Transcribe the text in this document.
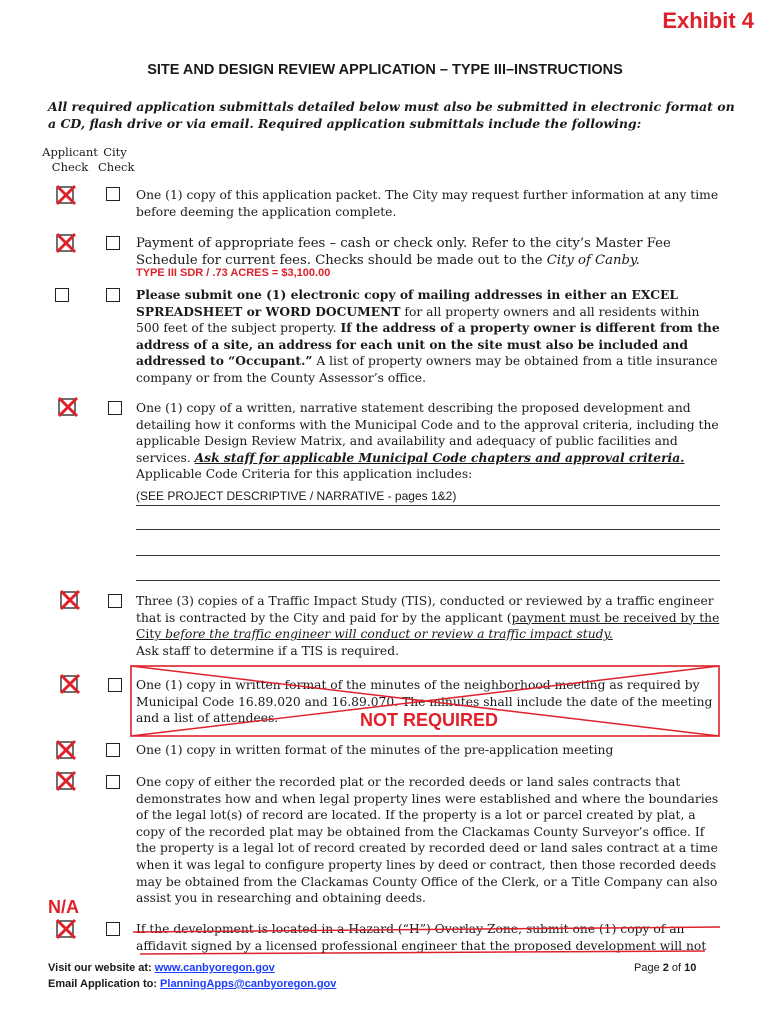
Exhibit 4
SITE AND DESIGN REVIEW APPLICATION – TYPE III–INSTRUCTIONS
All required application submittals detailed below must also be submitted in electronic format on a CD, flash drive or via email. Required application submittals include the following:
Applicant
Check
City
Check
One (1) copy of this application packet. The City may request further information at any time before deeming the application complete.
Payment of appropriate fees – cash or check only. Refer to the city’s Master Fee Schedule for current fees. Checks should be made out to the City of Canby.
TYPE III SDR / .73 ACRES = $3,100.00
Please submit one (1) electronic copy of mailing addresses in either an EXCEL SPREADSHEET or WORD DOCUMENT for all property owners and all residents within 500 feet of the subject property. If the address of a property owner is different from the address of a site, an address for each unit on the site must also be included and addressed to “Occupant.” A list of property owners may be obtained from a title insurance company or from the County Assessor’s office.
One (1) copy of a written, narrative statement describing the proposed development and detailing how it conforms with the Municipal Code and to the approval criteria, including the applicable Design Review Matrix, and availability and adequacy of public facilities and services. Ask staff for applicable Municipal Code chapters and approval criteria.
Applicable Code Criteria for this application includes:
(SEE PROJECT DESCRIPTIVE / NARRATIVE - pages 1&2)
Three (3) copies of a Traffic Impact Study (TIS), conducted or reviewed by a traffic engineer that is contracted by the City and paid for by the applicant (payment must be received by the City before the traffic engineer will conduct or review a traffic impact study.
Ask staff to determine if a TIS is required.
One (1) copy in written format of the minutes of the neighborhood meeting as required by Municipal Code 16.89.020 and 16.89.070. The minutes shall include the date of the meeting and a list of attendees.	NOT REQUIRED
One (1) copy in written format of the minutes of the pre-application meeting
One copy of either the recorded plat or the recorded deeds or land sales contracts that demonstrates how and when legal property lines were established and where the boundaries of the legal lot(s) of record are located. If the property is a lot or parcel created by plat, a copy of the recorded plat may be obtained from the Clackamas County Surveyor’s office. If the property is a legal lot of record created by recorded deed or land sales contract at a time when it was legal to configure property lines by deed or contract, then those recorded deeds may be obtained from the Clackamas County Office of the Clerk, or a Title Company can also assist you in researching and obtaining deeds.
N/A
If the development is located in a Hazard (“H”) Overlay Zone, submit one (1) copy of an affidavit signed by a licensed professional engineer that the proposed development will not
Visit our website at: www.canbyoregon.gov
Email Application to: PlanningApps@canbyoregon.gov
Page 2 of 10
